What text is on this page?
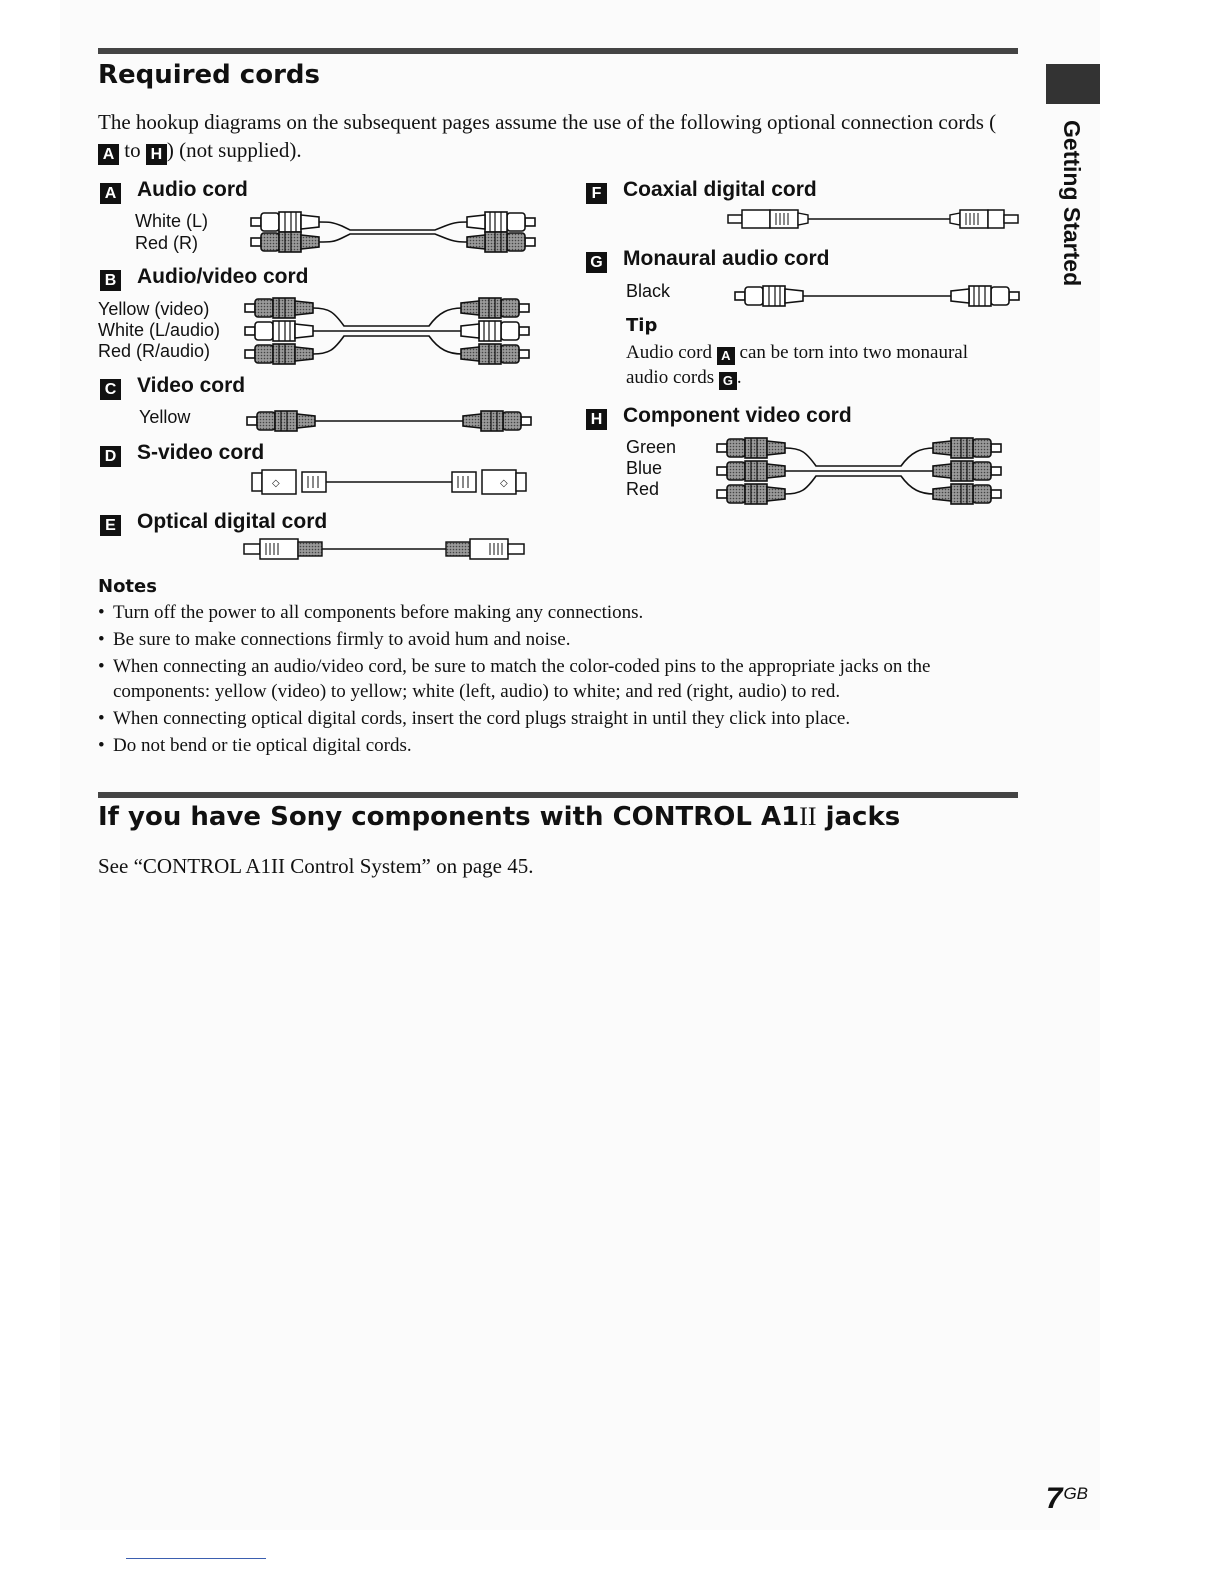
Required cords
The hookup diagrams on the subsequent pages assume the use of the following optional connection cords (A to H ) (not supplied).
A Audio cord
White (L)
Red (R)
B Audio/video cord
Yellow (video)
White (L/audio)
Red (R/audio)
C Video cord
Yellow
D S-video cord
◇	◇
E Optical digital cord
F Coaxial digital cord
G Monaural audio cord
Black
Tip
Audio cord A can be torn into two monaural audio cords G .
H Component video cord
Green
Blue
Red
Notes
• Turn off the power to all components before making any connections.
• Be sure to make connections firmly to avoid hum and noise.
• When connecting an audio/video cord, be sure to match the color-coded pins to the appropriate jacks on the components: yellow (video) to yellow; white (left, audio) to white; and red (right, audio) to red.
• When connecting optical digital cords, insert the cord plugs straight in until they click into place.
• Do not bend or tie optical digital cords.
If you have Sony components with CONTROL A1II jacks
See “CONTROL A1II Control System” on page 45.
Getting Started
$7^{GB}$
